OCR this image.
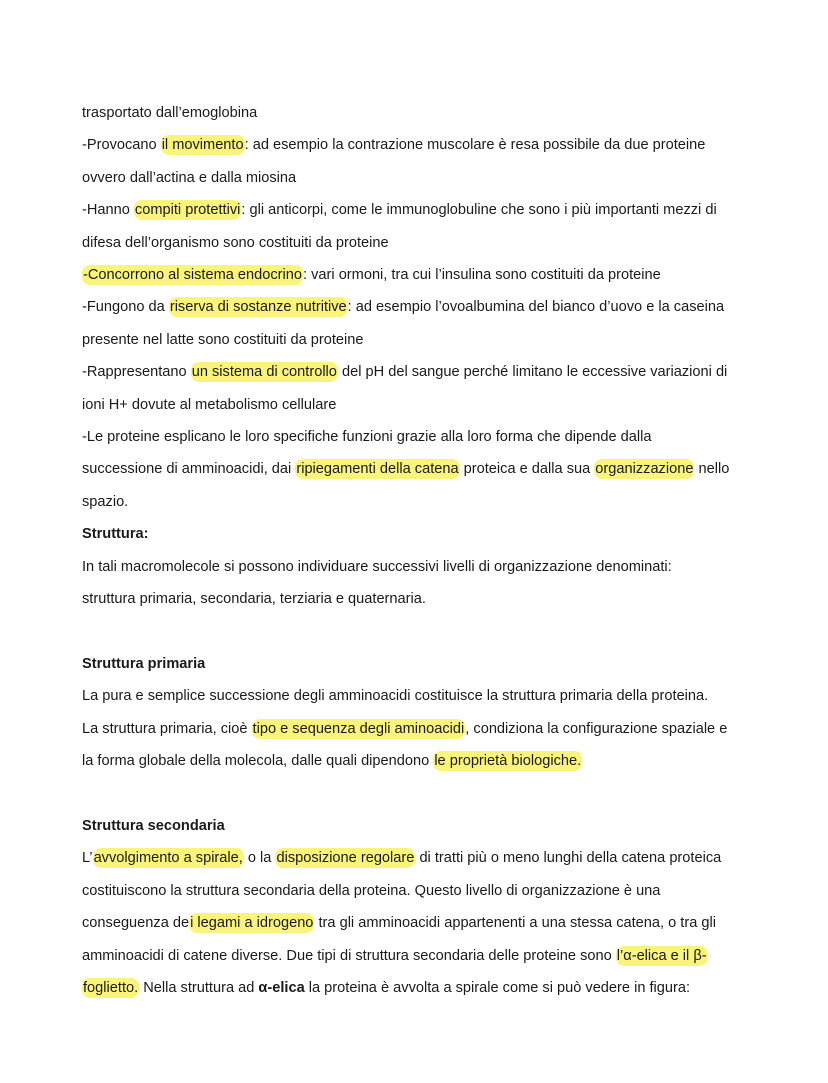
trasportato dall’emoglobina

-Provocano il movimento: ad esempio la contrazione muscolare è resa possibile da due proteine

ovvero dall’actina e dalla miosina

-Hanno compiti protettivi: gli anticorpi, come le immunoglobuline che sono i più importanti mezzi di

difesa dell’organismo sono costituiti da proteine

-Concorrono al sistema endocrino: vari ormoni, tra cui l’insulina sono costituiti da proteine

-Fungono da riserva di sostanze nutritive: ad esempio l’ovoalbumina del bianco d’uovo e la caseina

presente nel latte sono costituiti da proteine

-Rappresentano un sistema di controllo del pH del sangue perché limitano le eccessive variazioni di

ioni H+ dovute al metabolismo cellulare

-Le proteine esplicano le loro specifiche funzioni grazie alla loro forma che dipende dalla

successione di amminoacidi, dai ripiegamenti della catena proteica e dalla sua organizzazione nello

spazio.

Struttura:

In tali macromolecole si possono individuare successivi livelli di organizzazione denominati:

struttura primaria, secondaria, terziaria e quaternaria.

Struttura primaria

La pura e semplice successione degli amminoacidi costituisce la struttura primaria della proteina.

La struttura primaria, cioè tipo e sequenza degli aminoacidi, condiziona la configurazione spaziale e

la forma globale della molecola, dalle quali dipendono le proprietà biologiche.

Struttura secondaria

L’avvolgimento a spirale, o la disposizione regolare di tratti più o meno lunghi della catena proteica

costituiscono la struttura secondaria della proteina. Questo livello di organizzazione è una

conseguenza dei legami a idrogeno tra gli amminoacidi appartenenti a una stessa catena, o tra gli

amminoacidi di catene diverse. Due tipi di struttura secondaria delle proteine sono l’α-elica e il β-

foglietto. Nella struttura ad α-elica la proteina è avvolta a spirale come si può vedere in figura:
